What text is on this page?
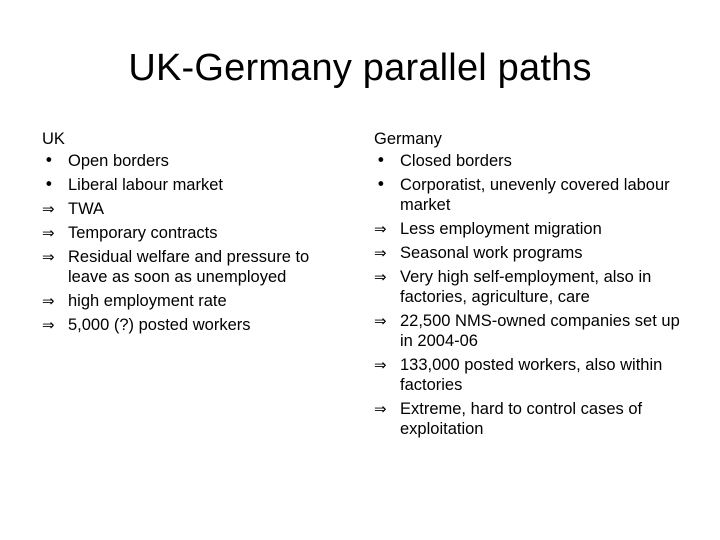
UK-Germany parallel paths
UK
• Open borders
• Liberal labour market
⇒ TWA
⇒ Temporary contracts
⇒ Residual welfare and pressure to leave as soon as unemployed
⇒ high employment rate
⇒ 5,000 (?) posted workers
Germany
• Closed borders
• Corporatist, unevenly covered labour market
⇒ Less employment migration
⇒ Seasonal work programs
⇒ Very high self-employment, also in factories, agriculture, care
⇒ 22,500 NMS-owned companies set up in 2004-06
⇒ 133,000 posted workers, also within factories
⇒ Extreme, hard to control cases of exploitation
